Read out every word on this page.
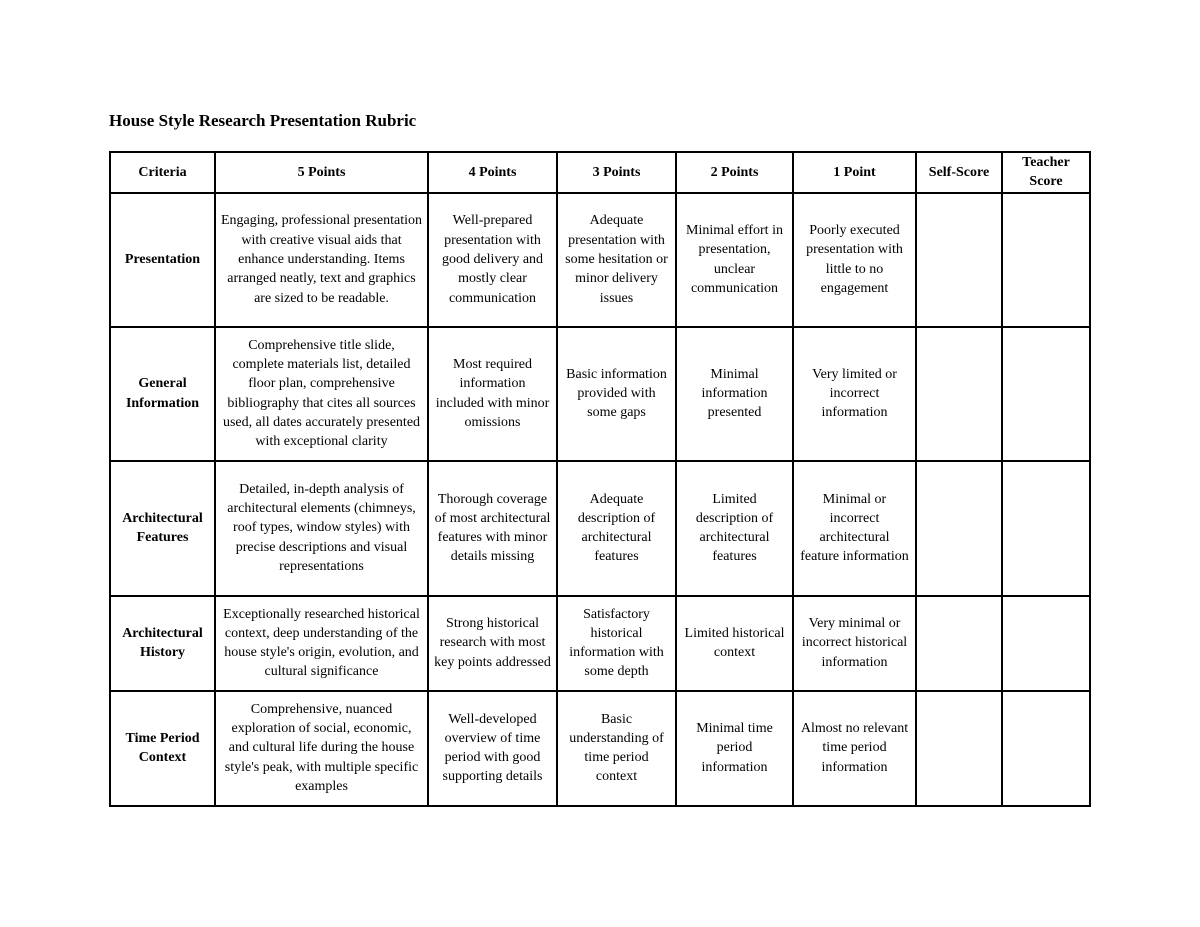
House Style Research Presentation Rubric
Criteria	5 Points	4 Points	3 Points	2 Points	1 Point	Self-Score	Teacher Score
Presentation	Engaging, professional presentation with creative visual aids that enhance understanding. Items arranged neatly, text and graphics are sized to be readable.	Well-prepared presentation with good delivery and mostly clear communication	Adequate presentation with some hesitation or minor delivery issues	Minimal effort in presentation, unclear communication	Poorly executed presentation with little to no engagement		
General Information	Comprehensive title slide, complete materials list, detailed floor plan, comprehensive bibliography that cites all sources used, all dates accurately presented with exceptional clarity	Most required information included with minor omissions	Basic information provided with some gaps	Minimal information presented	Very limited or incorrect information		
Architectural Features	Detailed, in-depth analysis of architectural elements (chimneys, roof types, window styles) with precise descriptions and visual representations	Thorough coverage of most architectural features with minor details missing	Adequate description of architectural features	Limited description of architectural features	Minimal or incorrect architectural feature information		
Architectural History	Exceptionally researched historical context, deep understanding of the house style's origin, evolution, and cultural significance	Strong historical research with most key points addressed	Satisfactory historical information with some depth	Limited historical context	Very minimal or incorrect historical information		
Time Period Context	Comprehensive, nuanced exploration of social, economic, and cultural life during the house style's peak, with multiple specific examples	Well-developed overview of time period with good supporting details	Basic understanding of time period context	Minimal time period information	Almost no relevant time period information		
